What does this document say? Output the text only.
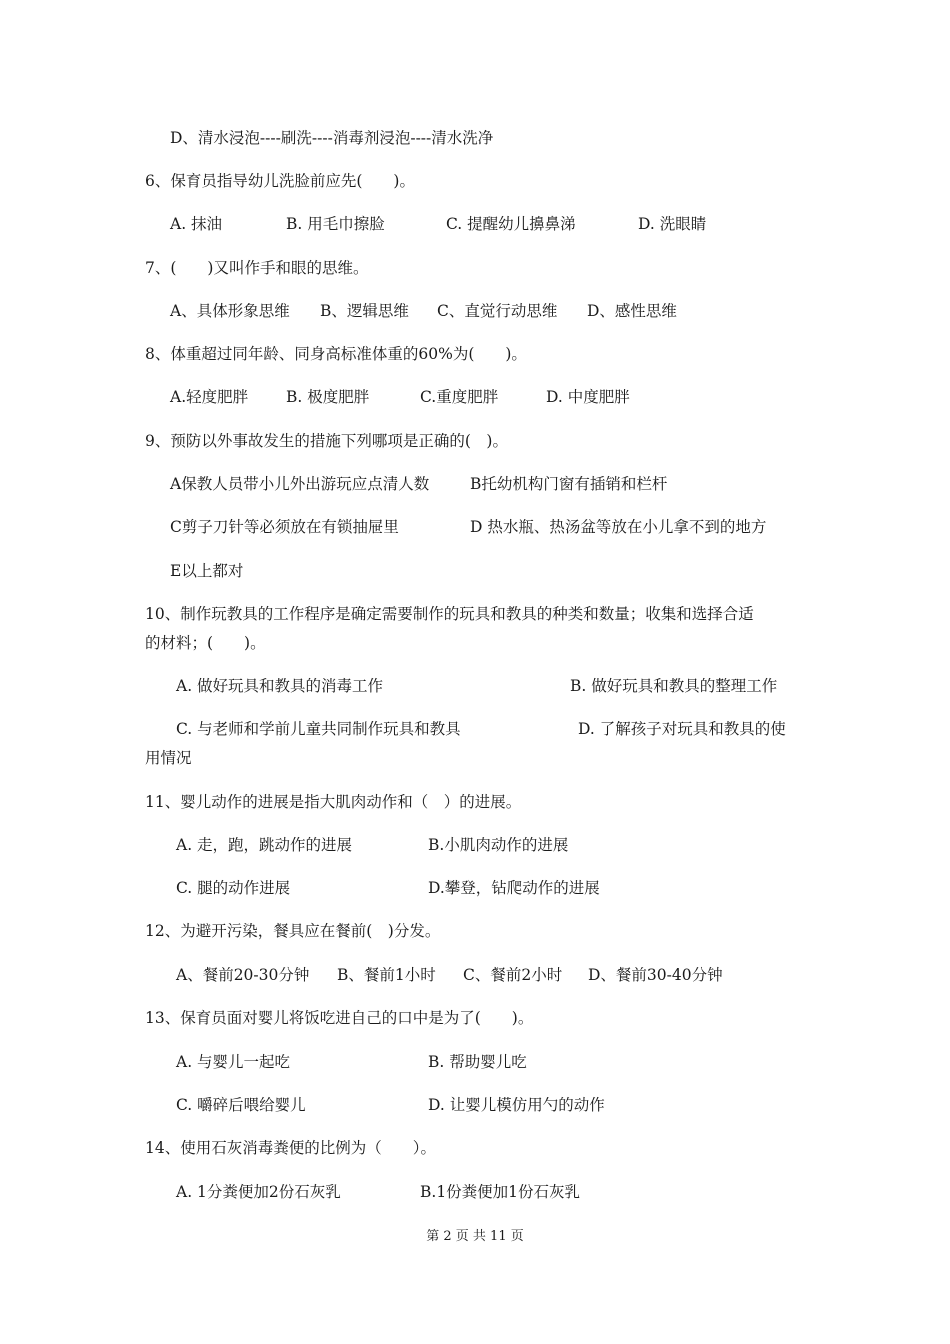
D、清水浸泡----刷洗----消毒剂浸泡----清水洗净
6、保育员指导幼儿洗脸前应先(　　)。
A. 抹油	B. 用毛巾擦脸	C. 提醒幼儿擤鼻涕	D. 洗眼睛
7、(　　)又叫作手和眼的思维。
A、具体形象思维 B、逻辑思维 C、直觉行动思维 D、感性思维
8、体重超过同年龄、同身高标准体重的60%为(　　)。
A.轻度肥胖 B. 极度肥胖	C.重度肥胖	D. 中度肥胖
9、预防以外事故发生的措施下列哪项是正确的(　)。
A保教人员带小儿外出游玩应点清人数	B托幼机构门窗有插销和栏杆
C剪子刀针等必须放在有锁抽屉里	D 热水瓶、热汤盆等放在小儿拿不到的地方
E以上都对
10、制作玩教具的工作程序是确定需要制作的玩具和教具的种类和数量；收集和选择合适
的材料；(　　)。
A. 做好玩具和教具的消毒工作	B. 做好玩具和教具的整理工作
C. 与老师和学前儿童共同制作玩具和教具	D. 了解孩子对玩具和教具的使
用情况
11、婴儿动作的进展是指大肌肉动作和（　）的进展。
A. 走，跑，跳动作的进展	B.小肌肉动作的进展
C. 腿的动作进展	D.攀登，钻爬动作的进展
12、为避开污染，餐具应在餐前(　)分发。
A、餐前20-30分钟 B、餐前1小时 C、餐前2小时 D、餐前30-40分钟
13、保育员面对婴儿将饭吃进自己的口中是为了(　　)。
A. 与婴儿一起吃	B. 帮助婴儿吃
C. 嚼碎后喂给婴儿	D. 让婴儿模仿用勺的动作
14、使用石灰消毒粪便的比例为（　　）。
A. 1分粪便加2份石灰乳	B.1份粪便加1份石灰乳
第 2 页 共 11 页
